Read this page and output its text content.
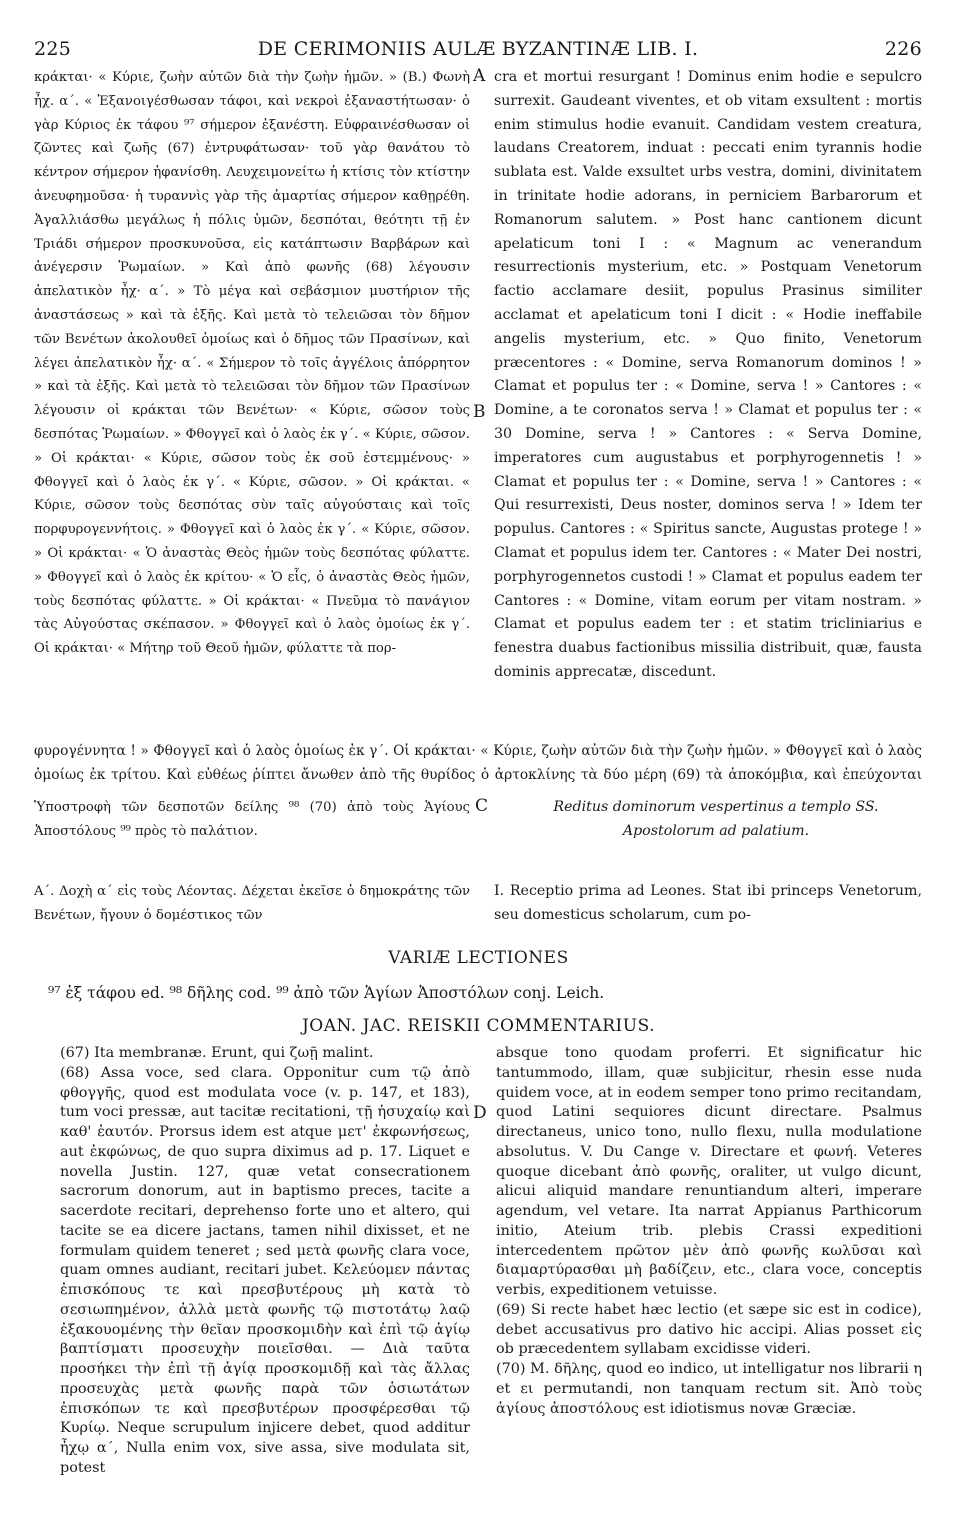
225	DE CERIMONIIS AULÆ BYZANTINÆ LIB. I.	226

κράκται· « Κύριε, ζωὴν αὐτῶν διὰ τὴν ζωὴν ἡμῶν. » (Β.) Φωνὴ ἦχ. α΄. « Ἐξανοιγέσθωσαν τάφοι, καὶ νεκροὶ ἐξαναστήτωσαν· ὁ γὰρ Κύριος ἐκ τάφου ⁹⁷ σήμερον ἐξανέστη. Εὐφραινέσθωσαν οἱ ζῶντες καὶ ζωῆς (67) ἐντρυφάτωσαν· τοῦ γὰρ θανάτου τὸ κέντρον σήμερον ἠφανίσθη. Λευχειμονείτω ἡ κτίσις τὸν κτίστην ἀνευφημοῦσα· ἡ τυραννὶς γὰρ τῆς ἁμαρτίας σήμερον καθῃρέθη. Ἀγαλλιάσθω μεγάλως ἡ πόλις ὑμῶν, δεσπόται, θεότητι τῇ ἐν Τριάδι σήμερον προσκυνοῦσα, εἰς κατάπτωσιν Βαρβάρων καὶ ἀνέγερσιν Ῥωμαίων. » Καὶ ἀπὸ φωνῆς (68) λέγουσιν ἀπελατικὸν ἦχ· α΄. » Τὸ μέγα καὶ σεβάσμιον μυστήριον τῆς ἀναστάσεως » καὶ τὰ ἑξῆς. Καὶ μετὰ τὸ τελειῶσαι τὸν δῆμον τῶν Βενέτων ἀκολουθεῖ ὁμοίως καὶ ὁ δῆμος τῶν Πρασίνων, καὶ λέγει ἀπελατικὸν ἦχ· α΄. « Σήμερον τὸ τοῖς ἀγγέλοις ἀπόρρητον » καὶ τὰ ἑξῆς. Καὶ μετὰ τὸ τελειῶσαι τὸν δῆμον τῶν Πρασίνων λέγουσιν οἱ κράκται τῶν Βενέτων· « Κύριε, σῶσον τοὺς δεσπότας Ῥωμαίων. » Φθογγεῖ καὶ ὁ λαὸς ἐκ γ΄. « Κύριε, σῶσον. » Οἱ κράκται· « Κύριε, σῶσον τοὺς ἐκ σοῦ ἐστεμμένους· » Φθογγεῖ καὶ ὁ λαὸς ἐκ γ΄. « Κύριε, σῶσον. » Οἱ κράκται. « Κύριε, σῶσον τοὺς δεσπότας σὺν ταῖς αὐγούσταις καὶ τοῖς πορφυρογεννήτοις. » Φθογγεῖ καὶ ὁ λαὸς ἐκ γ΄. « Κύριε, σῶσον. » Οἱ κράκται· « Ὁ ἀναστὰς Θεὸς ἡμῶν τοὺς δεσπότας φύλαττε. » Φθογγεῖ καὶ ὁ λαὸς ἐκ κρίτου· « Ὁ εἷς, ὁ ἀναστὰς Θεὸς ἡμῶν, τοὺς δεσπότας φύλαττε. » Οἱ κράκται· « Πνεῦμα τὸ πανάγιον τὰς Αὐγούστας σκέπασον. » Φθογγεῖ καὶ ὁ λαὸς ὁμοίως ἐκ γ΄. Οἱ κράκται· « Μήτηρ τοῦ Θεοῦ ἡμῶν, φύλαττε τὰ πορ-

cra et mortui resurgant ! Dominus enim hodie e sepulcro surrexit. Gaudeant viventes, et ob vitam exsultent : mortis enim stimulus hodie evanuit. Candidam vestem creatura, laudans Creatorem, induat : peccati enim tyrannis hodie sublata est. Valde exsultet urbs vestra, domini, divinitatem in trinitate hodie adorans, in perniciem Barbarorum et Romanorum salutem. » Post hanc cantionem dicunt apelaticum toni I : « Magnum ac venerandum resurrectionis mysterium, etc. » Postquam Venetorum factio acclamare desiit, populus Prasinus similiter acclamat et apelaticum toni I dicit : « Hodie ineffabile angelis mysterium, etc. » Quo finito, Venetorum præcentores : « Domine, serva Romanorum dominos ! » Clamat et populus ter : « Domine, serva ! » Cantores : « Domine, a te coronatos serva ! » Clamat et populus ter : « 30 Domine, serva ! » Cantores : « Serva Domine, imperatores cum augustabus et porphyrogennetis ! » Clamat et populus ter : « Domine, serva ! » Cantores : « Qui resurrexisti, Deus noster, dominos serva ! » Idem ter populus. Cantores : « Spiritus sancte, Augustas protege ! » Clamat et populus idem ter. Cantores : « Mater Dei nostri, porphyrogennetos custodi ! » Clamat et populus eadem ter Cantores : « Domine, vitam eorum per vitam nostram. » Clamat et populus eadem ter : et statim tricliniarius e fenestra duabus factionibus missilia distribuit, quæ, fausta dominis apprecatæ, discedunt.

A
B
C
D

φυρογέννητα ! » Φθογγεῖ καὶ ὁ λαὸς ὁμοίως ἐκ γ΄. Οἱ κράκται· « Κύριε, ζωὴν αὐτῶν διὰ τὴν ζωὴν ἡμῶν. » Φθογγεῖ καὶ ὁ λαὸς ὁμοίως ἐκ τρίτου. Καὶ εὐθέως ῥίπτει ἄνωθεν ἀπὸ τῆς θυρίδος ὁ ἀρτοκλίνης τὰ δύο μέρη (69) τὰ ἀποκόμβια, καὶ ἐπεύχονται

Ὑποστροφὴ τῶν δεσποτῶν δείλης ⁹⁸ (70) ἀπὸ τοὺς Ἁγίους Ἀποστόλους ⁹⁹ πρὸς τὸ παλάτιον.

Reditus dominorum vespertinus a templo SS. Apostolorum ad palatium.

Α΄. Δοχὴ α΄ εἰς τοὺς Λέοντας. Δέχεται ἐκεῖσε ὁ δημοκράτης τῶν Βενέτων, ἤγουν ὁ δομέστικος τῶν

I. Receptio prima ad Leones. Stat ibi princeps Venetorum, seu domesticus scholarum, cum po-

VARIÆ LECTIONES
⁹⁷ ἐξ τάφου ed. ⁹⁸ δῆλης cod. ⁹⁹ ἀπὸ τῶν Ἁγίων Ἀποστόλων conj. Leich.
JOAN. JAC. REISKII COMMENTARIUS.

(67) Ita membranæ. Erunt, qui ζωῇ malint.

(68) Assa voce, sed clara. Opponitur cum τῷ ἀπὸ φθογγῆς, quod est modulata voce (v. p. 147, et 183), tum voci pressæ, aut tacitæ recitationi, τῇ ἡσυχαίῳ καὶ καθ' ἑαυτόν. Prorsus idem est atque μετ' ἐκφωνήσεως, aut ἐκφώνως, de quo supra diximus ad p. 17. Liquet e novella Justin. 127, quæ vetat consecrationem sacrorum donorum, aut in baptismo preces, tacite a sacerdote recitari, deprehenso forte uno et altero, qui tacite se ea dicere jactans, tamen nihil dixisset, et ne formulam quidem teneret ; sed μετὰ φωνῆς clara voce, quam omnes audiant, recitari jubet. Κελεύομεν πάντας ἐπισκόπους τε καὶ πρεσβυτέρους μὴ κατὰ τὸ σεσιωπημένον, ἀλλὰ μετὰ φωνῆς τῷ πιστοτάτῳ λαῷ ἐξακουομένης τὴν θεῖαν προσκομιδὴν καὶ ἐπὶ τῷ ἁγίῳ βαπτίσματι προσευχὴν ποιεῖσθαι. — Διὰ ταῦτα προσήκει τὴν ἐπὶ τῇ ἁγίᾳ προσκομιδῇ καὶ τὰς ἄλλας προσευχὰς μετὰ φωνῆς παρὰ τῶν ὁσιωτάτων ἐπισκόπων τε καὶ πρεσβυτέρων προσφέρεσθαι τῷ Κυρίῳ. Neque scrupulum injicere debet, quod additur ἦχῳ α΄, Nulla enim vox, sive assa, sive modulata sit, potest

absque tono quodam proferri. Et significatur hic tantummodo, illam, quæ subjicitur, rhesin esse nuda quidem voce, at in eodem semper tono primo recitandam, quod Latini sequiores dicunt directare. Psalmus directaneus, unico tono, nullo flexu, nulla modulatione absolutus. V. Du Cange v. Directare et φωνή. Veteres quoque dicebant ἀπὸ φωνῆς, oraliter, ut vulgo dicunt, alicui aliquid mandare renuntiandum alteri, imperare agendum, vel vetare. Ita narrat Appianus Parthicorum initio, Ateium trib. plebis Crassi expeditioni intercedentem πρῶτον μὲν ἀπὸ φωνῆς κωλῦσαι καὶ διαμαρτύρασθαι μὴ βαδίζειν, etc., clara voce, conceptis verbis, expeditionem vetuisse.

(69) Si recte habet hæc lectio (et sæpe sic est in codice), debet accusativus pro dativo hic accipi. Alias posset εἰς ob præcedentem syllabam excidisse videri.

(70) M. δῆλης, quod eo indico, ut intelligatur nos librarii η et ει permutandi, non tanquam rectum sit. Ἀπὸ τοὺς ἁγίους ἀποστόλους est idiotismus novæ Græciæ.
